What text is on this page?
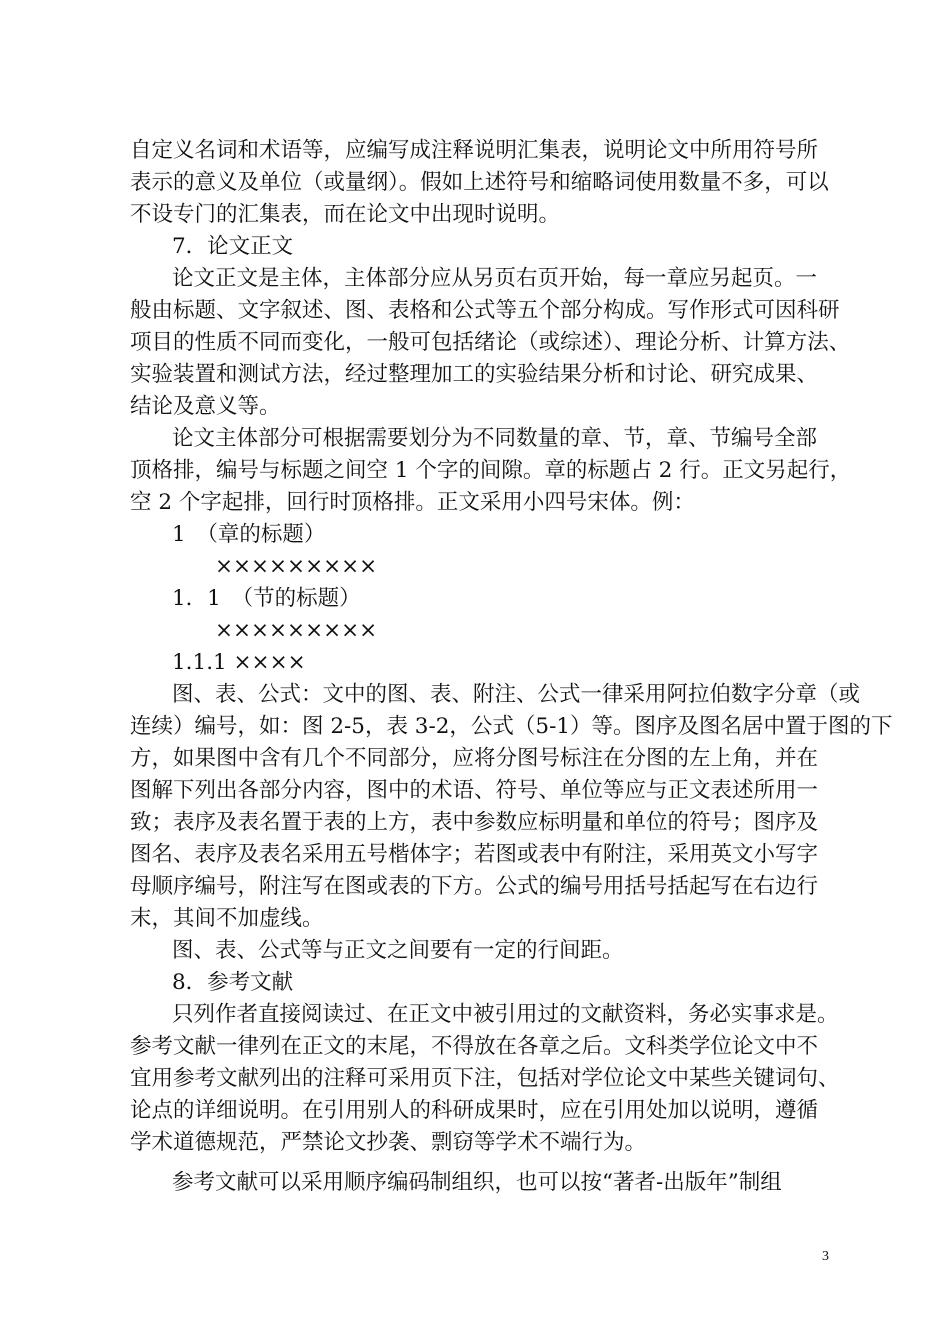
自定义名词和术语等，应编写成注释说明汇集表，说明论文中所用符号所
表示的意义及单位（或量纲）。假如上述符号和缩略词使用数量不多，可以
不设专门的汇集表，而在论文中出现时说明。
7．论文正文
论文正文是主体，主体部分应从另页右页开始，每一章应另起页。一
般由标题、文字叙述、图、表格和公式等五个部分构成。写作形式可因科研
项目的性质不同而变化，一般可包括绪论（或综述）、理论分析、计算方法、
实验装置和测试方法，经过整理加工的实验结果分析和讨论、研究成果、
结论及意义等。
论文主体部分可根据需要划分为不同数量的章、节，章、节编号全部
顶格排，编号与标题之间空 1 个字的间隙。章的标题占 2 行。正文另起行，
空 2 个字起排，回行时顶格排。正文采用小四号宋体。例：
1　（章的标题）
×××××××××
1．1　（节的标题）
×××××××××
1.1.1 ××××
图、表、公式：文中的图、表、附注、公式一律采用阿拉伯数字分章（或
连续）编号，如：图 2-5，表 3-2，公式（5-1）等。图序及图名居中置于图的下
方，如果图中含有几个不同部分，应将分图号标注在分图的左上角，并在
图解下列出各部分内容，图中的术语、符号、单位等应与正文表述所用一
致；表序及表名置于表的上方，表中参数应标明量和单位的符号；图序及
图名、表序及表名采用五号楷体字；若图或表中有附注，采用英文小写字
母顺序编号，附注写在图或表的下方。公式的编号用括号括起写在右边行
末，其间不加虚线。
图、表、公式等与正文之间要有一定的行间距。
8．参考文献
只列作者直接阅读过、在正文中被引用过的文献资料，务必实事求是。
参考文献一律列在正文的末尾，不得放在各章之后。文科类学位论文中不
宜用参考文献列出的注释可采用页下注，包括对学位论文中某些关键词句、
论点的详细说明。在引用别人的科研成果时，应在引用处加以说明，遵循
学术道德规范，严禁论文抄袭、剽窃等学术不端行为。
参考文献可以采用顺序编码制组织，也可以按“著者-出版年”制组
3
